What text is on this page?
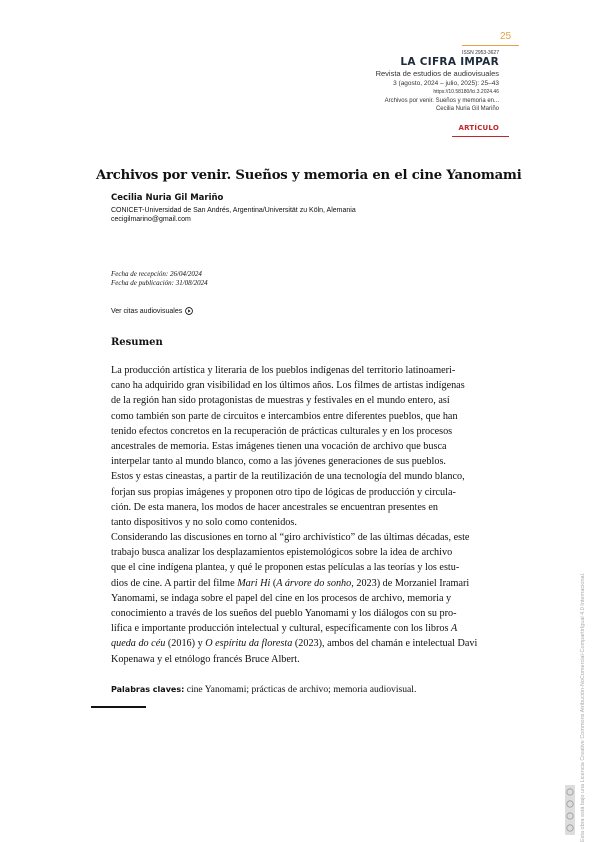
25
ISSN 2953-3627
LA CIFRA IMPAR
Revista de estudios de audiovisuales
3 (agosto, 2024 – julio, 2025): 25–43
https://10.58180/lci.3.2024.46
Archivos por venir. Sueños y memoria en...
Cecilia Nuria Gil Mariño
ARTÍCULO
Archivos por venir. Sueños y memoria en el cine Yanomami
Cecilia Nuria Gil Mariño
CONICET-Universidad de San Andrés, Argentina/Universität zu Köln, Alemania
cecigilmarino@gmail.com
Fecha de recepción: 26/04/2024
Fecha de publicación: 31/08/2024
Ver citas audiovisuales
Resumen
La producción artística y literaria de los pueblos indígenas del territorio latinoameri-
cano ha adquirido gran visibilidad en los últimos años. Los filmes de artistas indígenas
de la región han sido protagonistas de muestras y festivales en el mundo entero, así
como también son parte de circuitos e intercambios entre diferentes pueblos, que han
tenido efectos concretos en la recuperación de prácticas culturales y en los procesos
ancestrales de memoria. Estas imágenes tienen una vocación de archivo que busca
interpelar tanto al mundo blanco, como a las jóvenes generaciones de sus pueblos.
Estos y estas cineastas, a partir de la reutilización de una tecnología del mundo blanco,
forjan sus propias imágenes y proponen otro tipo de lógicas de producción y circula-
ción. De esta manera, los modos de hacer ancestrales se encuentran presentes en
tanto dispositivos y no solo como contenidos.
Considerando las discusiones en torno al “giro archivístico” de las últimas décadas, este
trabajo busca analizar los desplazamientos epistemológicos sobre la idea de archivo
que el cine indígena plantea, y qué le proponen estas películas a las teorías y los estu-
dios de cine. A partir del filme Mari Hi (A árvore do sonho, 2023) de Morzaniel Iramari
Yanomami, se indaga sobre el papel del cine en los procesos de archivo, memoria y
conocimiento a través de los sueños del pueblo Yanomami y los diálogos con su pro-
lífica e importante producción intelectual y cultural, específicamente con los libros A
queda do céu (2016) y O espíritu da floresta (2023), ambos del chamán e intelectual Davi
Kopenawa y el etnólogo francés Bruce Albert.
Palabras claves: cine Yanomami; prácticas de archivo; memoria audiovisual.	Esta obra está bajo una Licencia Creative Commons Atribución-NoComercial-CompartirIgual 4.0 Internacional.
